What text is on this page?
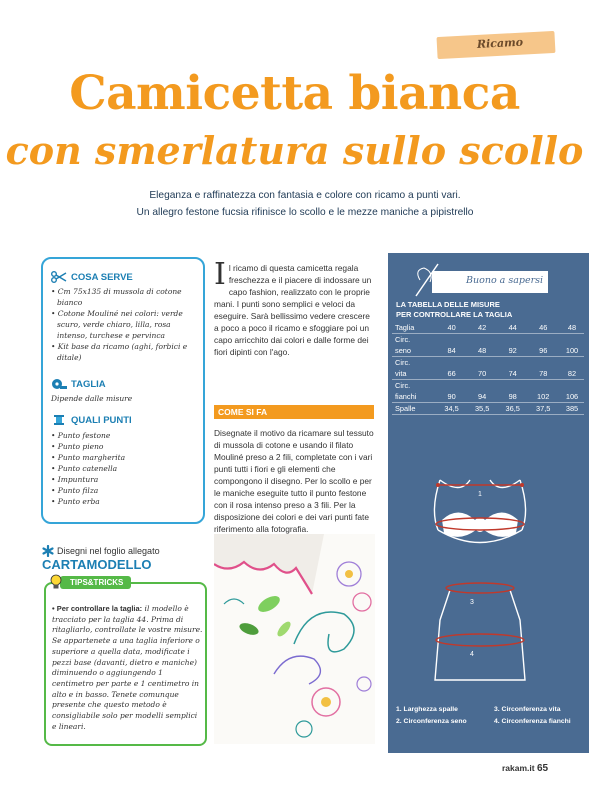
Ricamo
Camicetta bianca
con smerlatura sullo scollo
Eleganza e raffinatezza con fantasia e colore con ricamo a punti vari.
Un allegro festone fucsia rifinisce lo scollo e le mezze maniche a pipistrello
COSA SERVE
• Cm 75x135 di mussola di cotone bianco
• Cotone Mouliné nei colori: verde scuro, verde chiaro, lilla, rosa intenso, turchese e pervinca
• Kit base da ricamo (aghi, forbici e ditale)
TAGLIA
Dipende dalle misure
QUALI PUNTI
• Punto festone
• Punto pieno
• Punto margherita
• Punto catenella
• Impuntura
• Punto filza
• Punto erba
Disegni nel foglio allegato
CARTAMODELLO
TIPS&TRICKS
• Per controllare la taglia: il modello è tracciato per la taglia 44. Prima di ritagliarlo, controllate le vostre misure. Se appartenete a una taglia inferiore o superiore a quella data, modificate i pezzi base (davanti, dietro e maniche) diminuendo o aggiungendo 1 centimetro per parte e 1 centimetro in alto e in basso. Tenete comunque presente che questo metodo è consigliabile solo per modelli semplici e lineari.
Il ricamo di questa camicetta regala freschezza e il piacere di indossare un capo fashion, realizzato con le proprie mani. I punti sono semplici e veloci da eseguire. Sarà bellissimo vedere crescere a poco a poco il ricamo e sfoggiare poi un capo arricchito dai colori e dalle forme dei fiori dipinti con l'ago.
COME SI FA
Disegnate il motivo da ricamare sul tessuto di mussola di cotone e usando il filato Mouliné preso a 2 fili, completate con i vari punti tutti i fiori e gli elementi che compongono il disegno. Per lo scollo e per le maniche eseguite tutto il punto festone con il rosa intenso preso a 3 fili. Per la disposizione dei colori e dei vari punti fate riferimento alla fotografia.
Buono a sapersi
LA TABELLA DELLE MISURE
PER CONTROLLARE LA TAGLIA
Taglia	40	42	44	46	48
Circ.					
seno	84	48	92	96	100
Circ.					
vita	66	70	74	78	82
Circ.					
fianchi	90	94	98	102	106
Spalle	34,5	35,5	36,5	37,5	385
1
2
3
4
1. Larghezza spalle	3. Circonferenza vita
2. Circonferenza seno	4. Circonferenza fianchi
rakam.it 65
